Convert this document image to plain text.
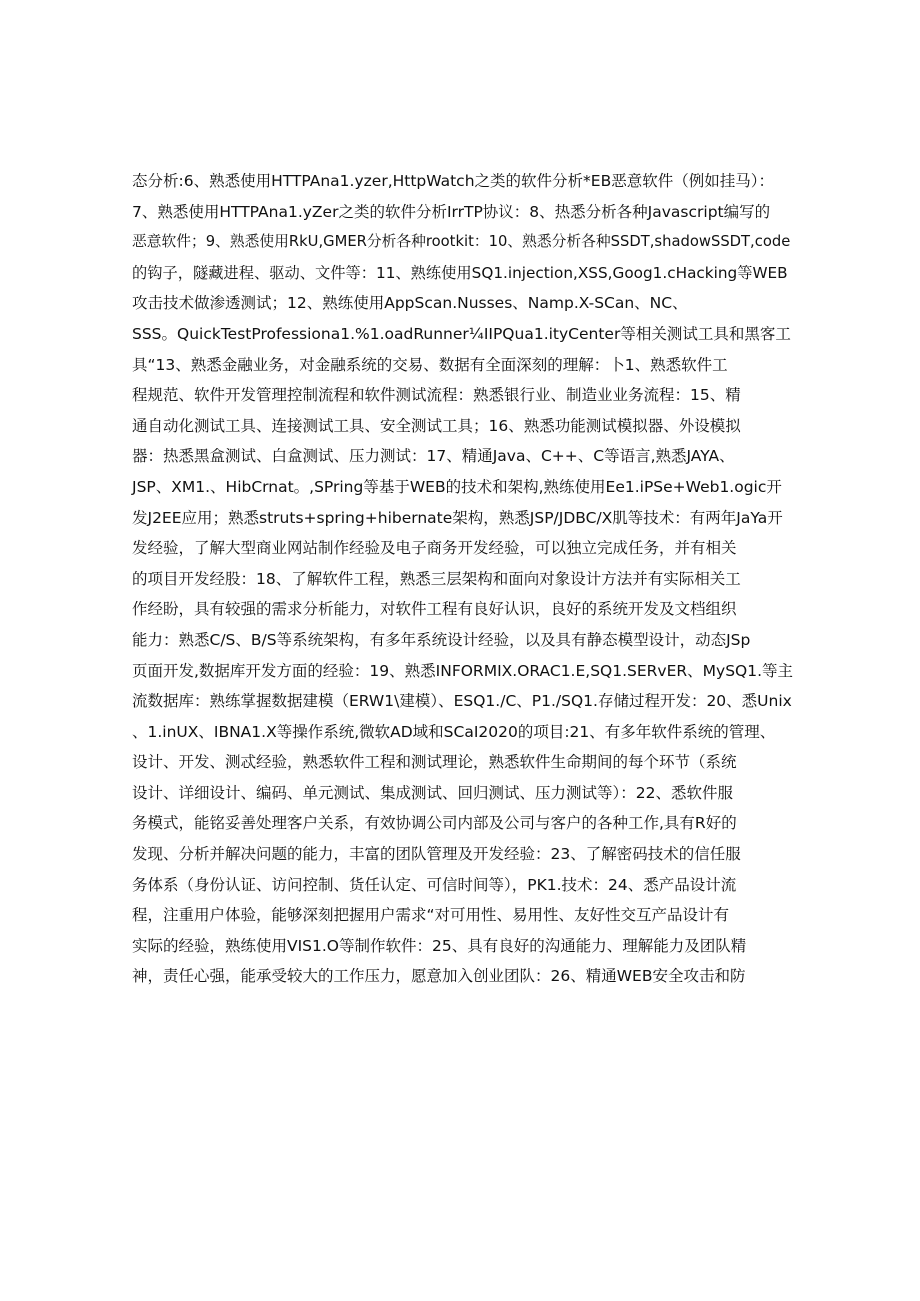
态分析:6、熟悉使用HTTPAna1.yzer,HttpWatch之类的软件分析*EB恶意软件（例如挂马）：
7、熟悉使用HTTPAna1.yZer之类的软件分析IrrTP协议：8、热悉分析各种Javascript编写的
恶意软件；9、熟悉使用RkU,GMER分析各种rootkit：10、熟悉分析各种SSDT,shadowSSDT,code
的钩子，隧藏进程、驱动、文件等：11、熟练使用SQ1.injection,XSS,Goog1.cHacking等WEB
攻击技术做渗透测试；12、熟练使用AppScan.Nusses、Namp.X-SCan、NC、
SSS。QuickTestProfessiona1.%1.oadRunner¼IIPQua1.ityCenter等相关测试工具和黑客工
具“13、熟悉金融业务，对金融系统的交易、数据有全面深刻的理解：卜1、熟悉软件工
程规范、软件开发管理控制流程和软件测试流程：熟悉银行业、制造业业务流程：15、精
通自动化测试工具、连接测试工具、安全测试工具；16、熟悉功能测试模拟器、外设模拟
器：热悉黑盒测试、白盒测试、压力测试：17、精通Java、C++、C等语言,熟悉JAYA、
JSP、XM1.、HibCrnat。,SPring等基于WEB的技术和架构,熟练使用Ee1.iPSe+Web1.ogic开
发J2EE应用；熟悉struts+spring+hibernate架构，熟悉JSP/JDBC/X肌等技术：有两年JaYa开
发经验，了解大型商业网站制作经验及电子商务开发经验，可以独立完成任务，并有相关
的项目开发经股：18、了解软件工程，熟悉三层架构和面向对象设计方法并有实际相关工
作经盼，具有较强的需求分析能力，对软件工程有良好认识，良好的系统开发及文档组织
能力：熟悉C/S、B/S等系统架构，有多年系统设计经验，以及具有静态模型设计，动态JSp
页面开发,数据库开发方面的经验：19、熟悉INFORMIX.ORAC1.E,SQ1.SERvER、MySQ1.等主
流数据库：熟练掌握数据建模（ERW1\建模）、ESQ1./C、P1./SQ1.存储过程开发：20、悉Unix
、1.inUX、IBNA1.X等操作系统,微软AD域和SCaI2020的项目:21、有多年软件系统的管理、
设计、开发、测忒经验，熟悉软件工程和测试理论，熟悉软件生命期间的每个环节（系统
设计、详细设计、编码、单元测试、集成测试、回归测试、压力测试等）：22、悉软件服
务模式，能铭妥善处理客户关系，有效协调公司内部及公司与客户的各种工作,具有R好的
发现、分析并解决问题的能力，丰富的团队管理及开发经验：23、了解密码技术的信任服
务体系（身份认证、访问控制、货任认定、可信时间等），PK1.技术：24、悉产品设计流
程，注重用户体验，能够深刻把握用户需求“对可用性、易用性、友好性交互产品设计有
实际的经验，熟练使用VIS1.O等制作软件：25、具有良好的沟通能力、理解能力及团队精
神，责任心强，能承受较大的工作压力，愿意加入创业团队：26、精通WEB安全攻击和防
